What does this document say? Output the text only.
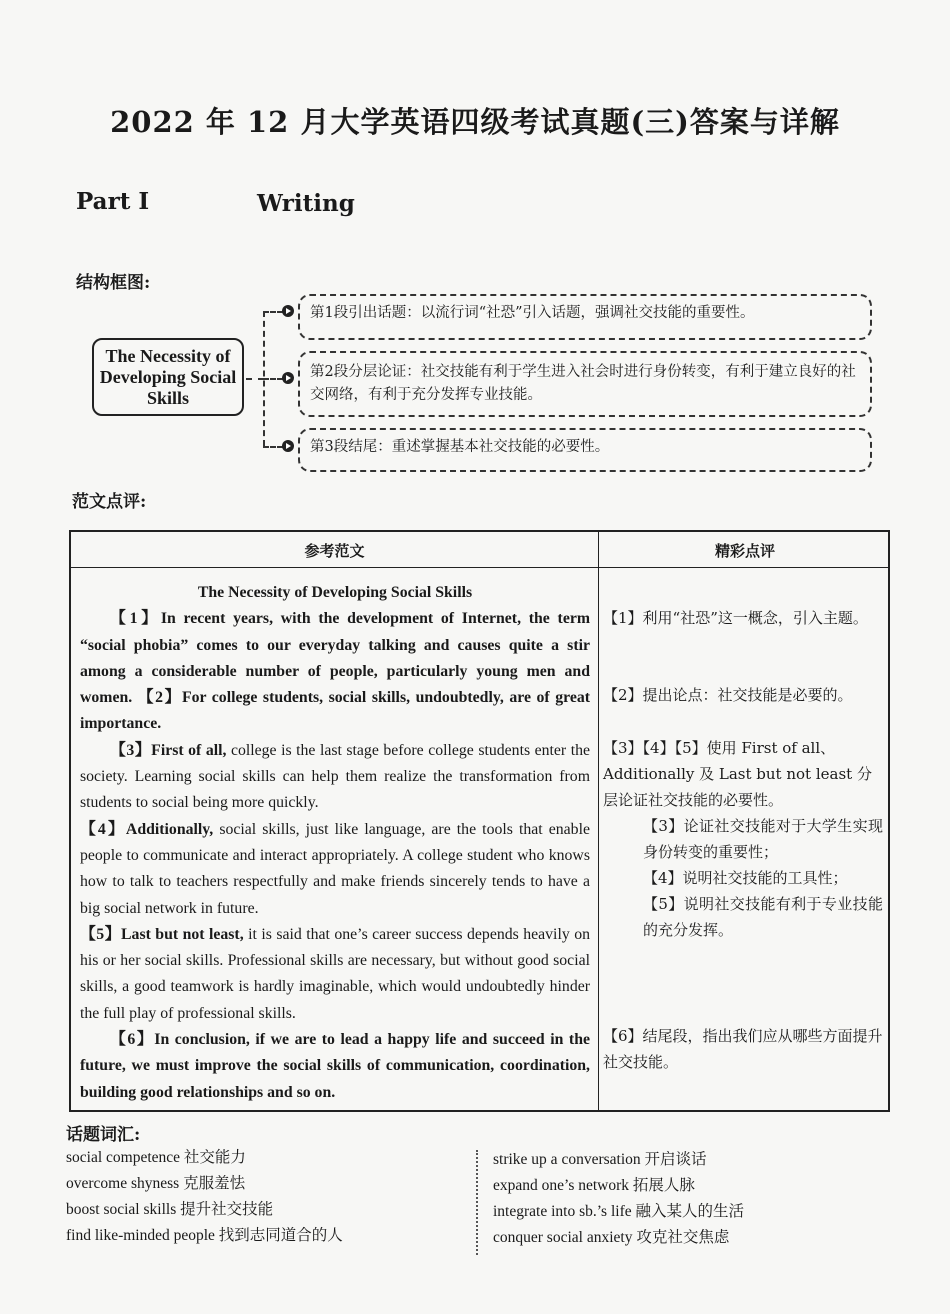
2022 年 12 月大学英语四级考试真题(三)答案与详解
Part Ⅰ	Writing
结构框图:
The Necessity of Developing Social Skills
第1段引出话题：以流行词“社恐”引入话题，强调社交技能的重要性。
第2段分层论证：社交技能有利于学生进入社会时进行身份转变，有利于建立良好的社交网络，有利于充分发挥专业技能。
第3段结尾：重述掌握基本社交技能的必要性。
范文点评:
参考范文	精彩点评

The Necessity of Developing Social Skills

【1】In recent years, with the development of Internet, the term “social phobia” comes to our everyday talking and causes quite a stir among a considerable number of people, particularly young men and women. 【2】For college students, social skills, undoubtedly, are of great importance.

【3】First of all, college is the last stage before college students enter the society. Learning social skills can help them realize the transformation from students to social being more quickly.
【4】Additionally, social skills, just like language, are the tools that enable people to communicate and interact appropriately. A college student who knows how to talk to teachers respectfully and make friends sincerely tends to have a big social network in future.
【5】Last but not least, it is said that one’s career success depends heavily on his or her social skills. Professional skills are necessary, but without good social skills, a good teamwork is hardly imaginable, which would undoubtedly hinder the full play of professional skills.

【6】In conclusion, if we are to lead a happy life and succeed in the future, we must improve the social skills of communication, coordination, building good relationships and so on.

【1】利用“社恐”这一概念，引入主题。
【2】提出论点：社交技能是必要的。
【3】【4】【5】使用 First of all、Additionally 及 Last but not least 分层论证社交技能的必要性。
【3】论证社交技能对于大学生实现身份转变的重要性；
【4】说明社交技能的工具性；
【5】说明社交技能有利于专业技能的充分发挥。
【6】结尾段，指出我们应从哪些方面提升社交技能。
话题词汇:
social competence 社交能力
overcome shyness 克服羞怯
boost social skills 提升社交技能
find like-minded people 找到志同道合的人
strike up a conversation 开启谈话
expand one’s network 拓展人脉
integrate into sb.’s life 融入某人的生活
conquer social anxiety 攻克社交焦虑
